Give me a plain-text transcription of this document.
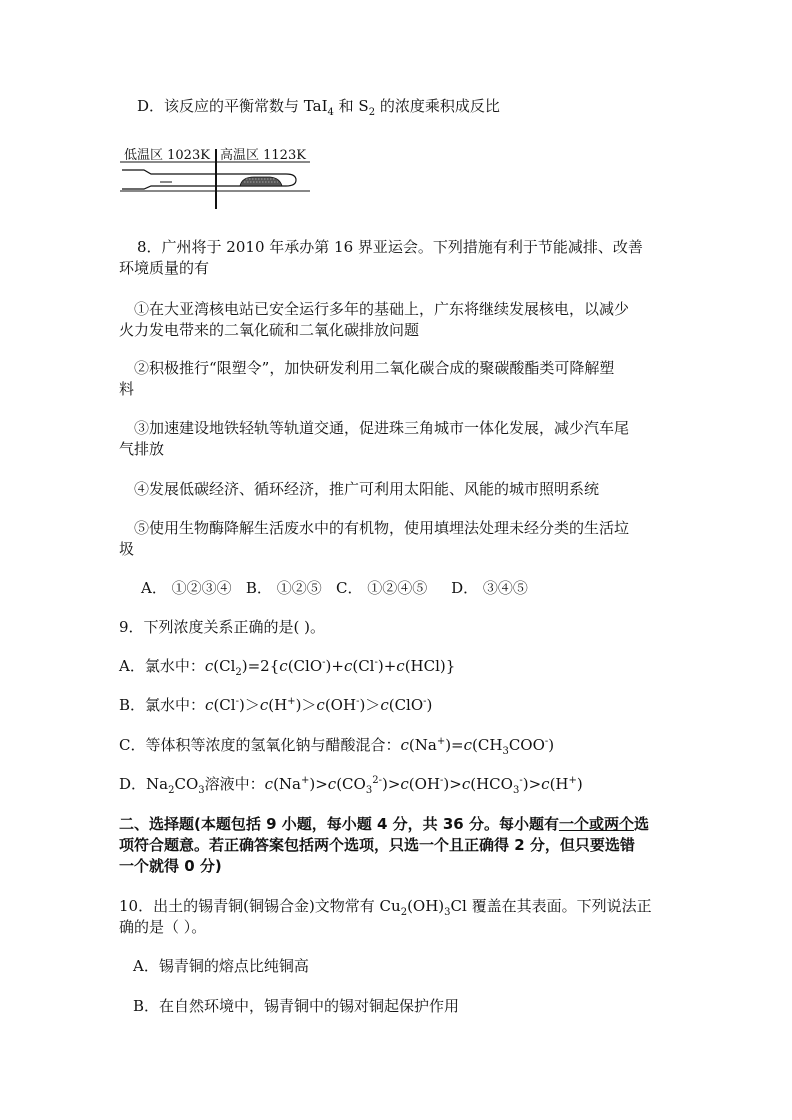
D．该反应的平衡常数与 TaI$_4$ 和 $S_2$ 的浓度乘积成反比
低温区 1023K 高温区 1123K
8．广州将于 2010 年承办第 16 界亚运会。下列措施有利于节能减排、改善
环境质量的有
①在大亚湾核电站已安全运行多年的基础上，广东将继续发展核电，以减少
火力发电带来的二氧化硫和二氧化碳排放问题
②积极推行“限塑令”，加快研发利用二氧化碳合成的聚碳酸酯类可降解塑
料
③加速建设地铁轻轨等轨道交通，促进珠三角城市一体化发展，减少汽车尾
气排放
④发展低碳经济、循环经济，推广可利用太阳能、风能的城市照明系统
⑤使用生物酶降解生活废水中的有机物，使用填埋法处理未经分类的生活垃
圾
A． ①②③④   B． ①②⑤   C． ①②④⑤     D． ③④⑤
9．下列浓度关系正确的是( )。
A．氯水中：$c(Cl_2)=2\{c(ClO^-)+c(Cl^-)+c(HCl)\}$
B．氯水中：c(Cl-)＞c(H+)＞c(OH-)＞c(ClO-)
C．等体积等浓度的氢氧化钠与醋酸混合：$c(Na^+)=c(CH_3COO^-)$
D．$Na_2CO_3$溶液中：$c(Na^+)>c(CO_3^{2-})>c(OH^-)>c(HCO_3^-)>c(H^+)$
二、选择题(本题包括 9 小题，每小题 4 分，共 36 分。每小题有一个或两个选
项符合题意。若正确答案包括两个选项，只选一个且正确得 2 分，但只要选错
一个就得 0 分)
10．出土的锡青铜(铜锡合金)文物常有 $Cu_2(OH)_3Cl$ 覆盖在其表面。下列说法正
确的是（ ）。
A．锡青铜的熔点比纯铜高
B．在自然环境中，锡青铜中的锡对铜起保护作用
